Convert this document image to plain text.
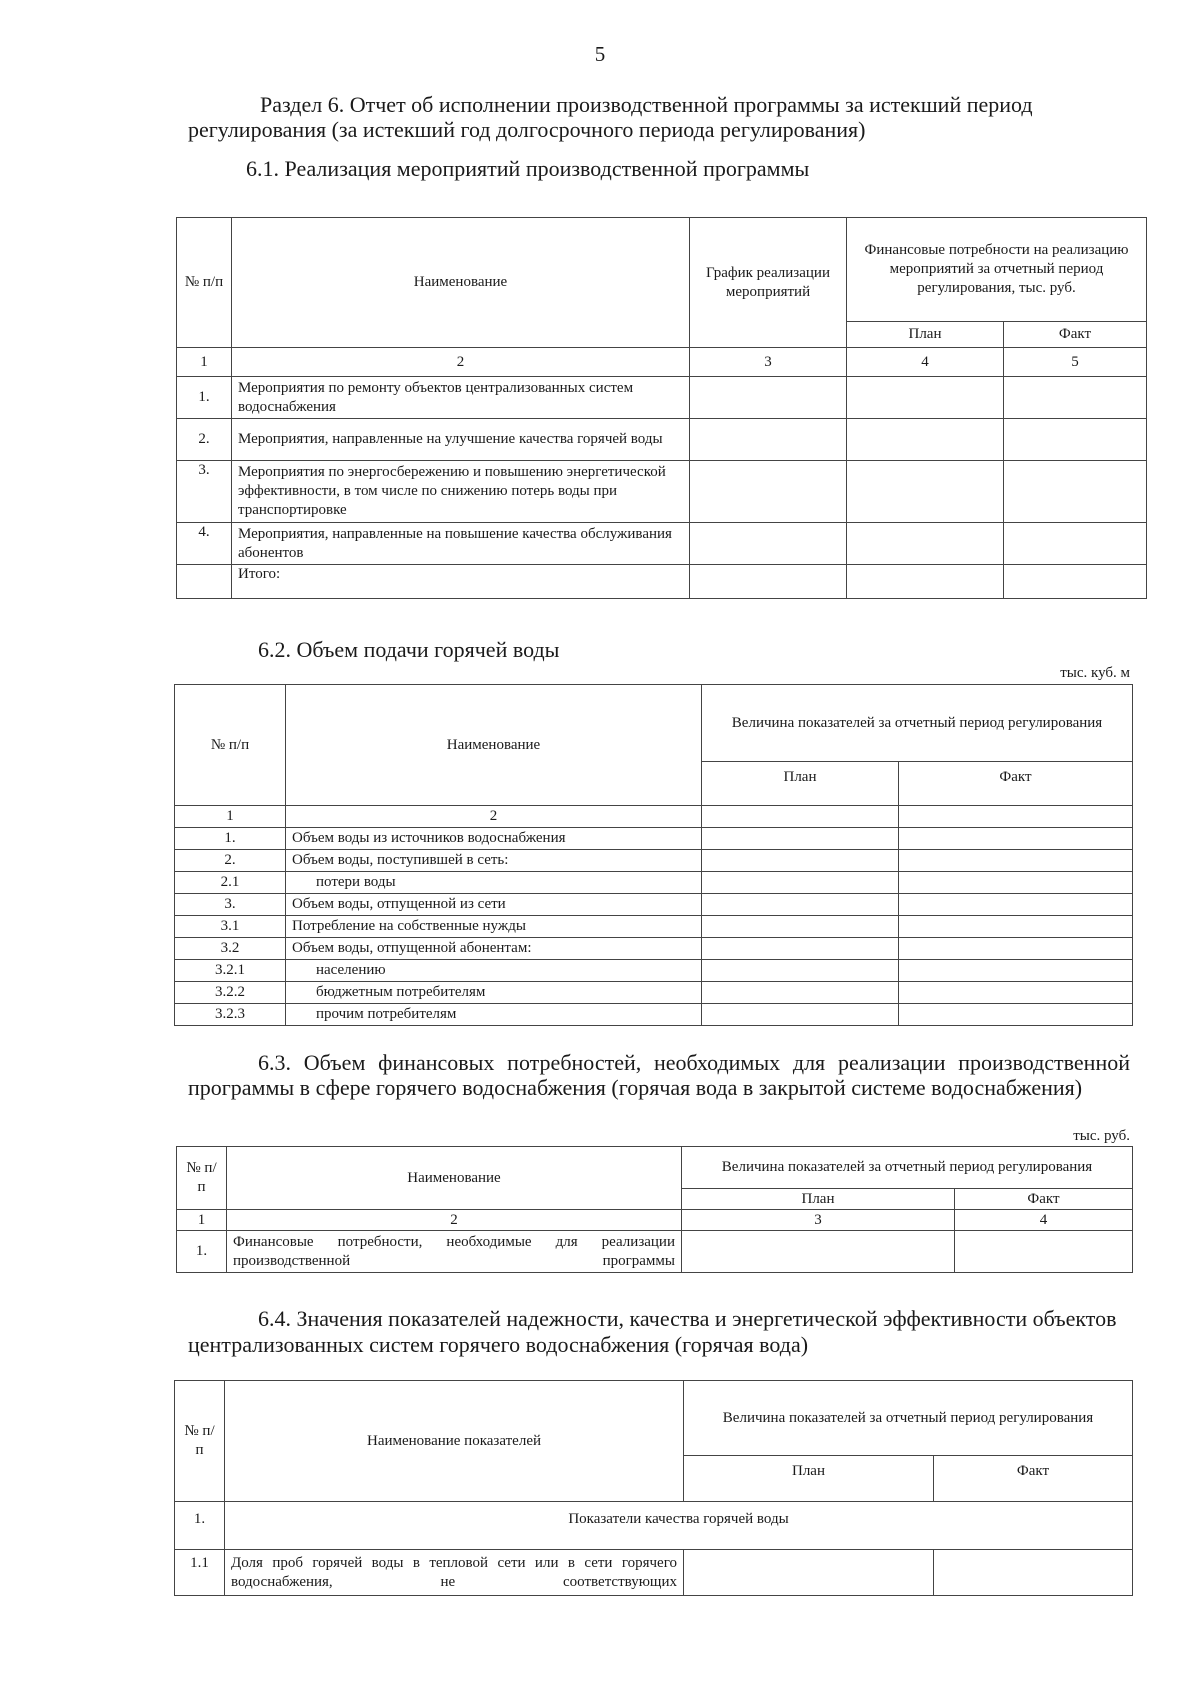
5
Раздел 6. Отчет об исполнении производственной программы за истекший период регулирования (за истекший год долгосрочного периода регулирования)
6.1. Реализация мероприятий производственной программы
№ п/п	Наименование	График реализации мероприятий	Финансовые потребности на реализацию мероприятий за отчетный период регулирования, тыс. руб.	
			План	Факт
1	2	3	4	5
1.	Мероприятия по ремонту объектов централизованных систем водоснабжения			
2.	Мероприятия, направленные на улучшение качества горячей воды			
3.	Мероприятия по энергосбережению и повышению энергетической эффективности, в том числе по снижению потерь воды при транспортировке			
4.	Мероприятия, направленные на повышение качества обслуживания абонентов			
	Итого:			
6.2. Объем подачи горячей воды
тыс. куб. м
№ п/п	Наименование	Величина показателей за отчетный период регулирования	
		План	Факт
1	2		
1.	Объем воды из источников водоснабжения		
2.	Объем воды, поступившей в сеть:		
2.1	потери воды		
3.	Объем воды, отпущенной из сети		
3.1	Потребление на собственные нужды		
3.2	Объем воды, отпущенной абонентам:		
3.2.1	населению		
3.2.2	бюджетным потребителям		
3.2.3	прочим потребителям		
6.3. Объем финансовых потребностей, необходимых для реализации производственной программы в сфере горячего водоснабжения (горячая вода в закрытой системе водоснабжения)
тыс. руб.
№ п/п	Наименование	Величина показателей за отчетный период регулирования	
		План	Факт
1	2	3	4
1.	Финансовые потребности, необходимые для реализации производственной программы		
6.4. Значения показателей надежности, качества и энергетической эффективности объектов централизованных систем горячего водоснабжения (горячая вода)
№ п/п	Наименование показателей	Величина показателей за отчетный период регулирования	
		План	Факт
1.	Показатели качества горячей воды		
1.1	Доля проб горячей воды в тепловой сети или в сети горячего водоснабжения, не соответствующих		
